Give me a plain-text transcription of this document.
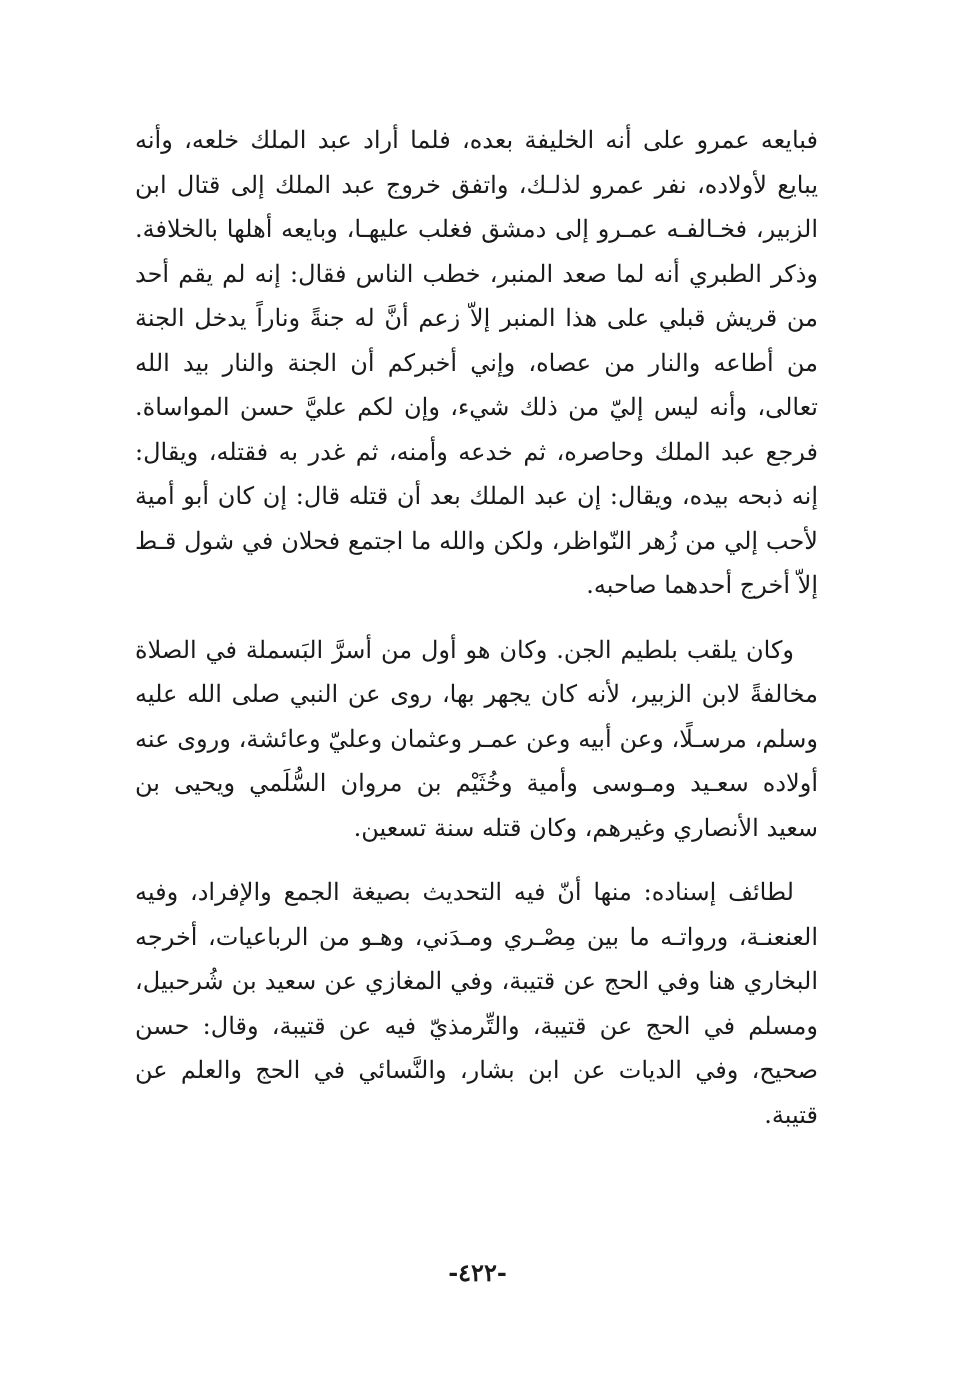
فبايعه عمرو على أنه الخليفة بعده، فلما أراد عبد الملك خلعه، وأنه يبايع لأولاده، نفر عمرو لذلـك، واتفق خروج عبد الملك إلى قتال ابن الزبير، فخـالفـه عمـرو إلى دمشق فغلب عليهـا، وبايعه أهلها بالخلافة. وذكر الطبري أنه لما صعد المنبر، خطب الناس فقال: إنه لم يقم أحد من قريش قبلي على هذا المنبر إلاّ زعم أنَّ له جنةً وناراً يدخل الجنة من أطاعه والنار من عصاه، وإني أخبركم أن الجنة والنار بيد الله تعالى، وأنه ليس إليّ من ذلك شيء، وإن لكم عليَّ حسن المواساة. فرجع عبد الملك وحاصره، ثم خدعه وأمنه، ثم غدر به فقتله، ويقال: إنه ذبحه بيده، ويقال: إن عبد الملك بعد أن قتله قال: إن كان أبو أمية لأحب إلي من زُهر النّواظر، ولكن والله ما اجتمع فحلان في شول قـط إلاّ أخرج أحدهما صاحبه.

وكان يلقب بلطيم الجن. وكان هو أول من أسرَّ البَسملة في الصلاة مخالفةً لابن الزبير، لأنه كان يجهر بها، روى عن النبي صلى الله عليه وسلم، مرسـلًا، وعن أبيه وعن عمـر وعثمان وعليّ وعائشة، وروى عنه أولاده سعـيد ومـوسى وأمية وخُثَيْم بن مروان السُّلَمي ويحيى بن سعيد الأنصاري وغيرهم، وكان قتله سنة تسعين.

لطائف إسناده: منها أنّ فيه التحديث بصيغة الجمع والإفراد، وفيه العنعنـة، ورواتـه ما بين مِصْـري ومـدَني، وهـو من الرباعيات، أخرجه البخاري هنا وفي الحج عن قتيبة، وفي المغازي عن سعيد بن شُرحبيل، ومسلم في الحج عن قتيبة، والتِّرمذيّ فيه عن قتيبة، وقال: حسن صحيح، وفي الديات عن ابن بشار، والنَّسائي في الحج والعلم عن قتيبة.

-٤٢٢-
